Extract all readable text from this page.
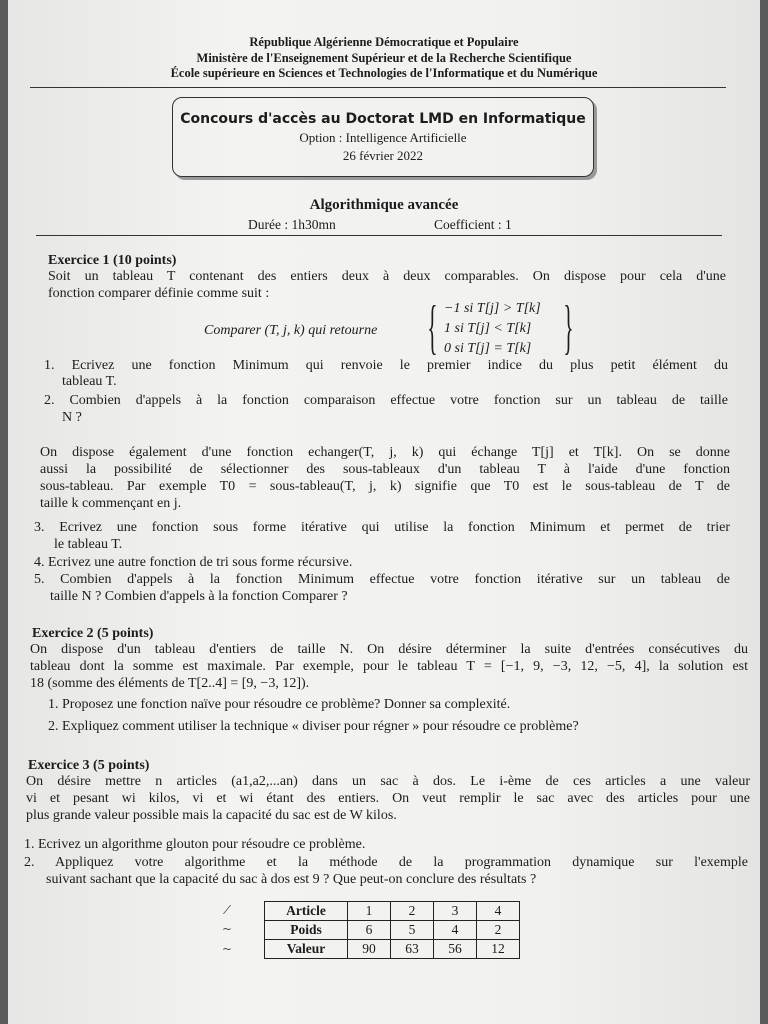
République Algérienne Démocratique et Populaire
Ministère de l'Enseignement Supérieur et de la Recherche Scientifique
École supérieure en Sciences et Technologies de l'Informatique et du Numérique
Concours d'accès au Doctorat LMD en Informatique
Option : Intelligence Artificielle
26 février 2022
Algorithmique avancée
Durée : 1h30mn	Coefficient : 1
Exercice 1 (10 points)
Soit un tableau T contenant des entiers deux à deux comparables. On dispose pour cela d'une
fonction comparer définie comme suit :
Comparer (T, j, k) qui retourne { −1 si T[j] > T[k]
1 si T[j] < T[k]
0 si T[j] = T[k] }
1. Ecrivez une fonction Minimum qui renvoie le premier indice du plus petit élément du
tableau T.
2. Combien d'appels à la fonction comparaison effectue votre fonction sur un tableau de taille
N ?
On dispose également d'une fonction echanger(T, j, k) qui échange T[j] et T[k]. On se donne
aussi la possibilité de sélectionner des sous-tableaux d'un tableau T à l'aide d'une fonction
sous-tableau. Par exemple T0 = sous-tableau(T, j, k) signifie que T0 est le sous-tableau de T de
taille k commençant en j.
3. Ecrivez une fonction sous forme itérative qui utilise la fonction Minimum et permet de trier
le tableau T.
4. Ecrivez une autre fonction de tri sous forme récursive.
5. Combien d'appels à la fonction Minimum effectue votre fonction itérative sur un tableau de
taille N ? Combien d'appels à la fonction Comparer ?
Exercice 2 (5 points)
On dispose d'un tableau d'entiers de taille N. On désire déterminer la suite d'entrées consécutives du
tableau dont la somme est maximale. Par exemple, pour le tableau T = [−1, 9, −3, 12, −5, 4], la solution est
18 (somme des éléments de T[2..4] = [9, −3, 12]).
1. Proposez une fonction naïve pour résoudre ce problème? Donner sa complexité.
2. Expliquez comment utiliser la technique « diviser pour régner » pour résoudre ce problème?
Exercice 3 (5 points)
On désire mettre n articles (a1,a2,...an) dans un sac à dos. Le i-ème de ces articles a une valeur
vi et pesant wi kilos, vi et wi étant des entiers. On veut remplir le sac avec des articles pour une
plus grande valeur possible mais la capacité du sac est de W kilos.
1. Ecrivez un algorithme glouton pour résoudre ce problème.
2. Appliquez votre algorithme et la méthode de la programmation dynamique sur l'exemple
suivant sachant que la capacité du sac à dos est 9 ? Que peut-on conclure des résultats ?
⁄
~
~
Article	1	2	3	4
Poids	6	5	4	2
Valeur	90	63	56	12
